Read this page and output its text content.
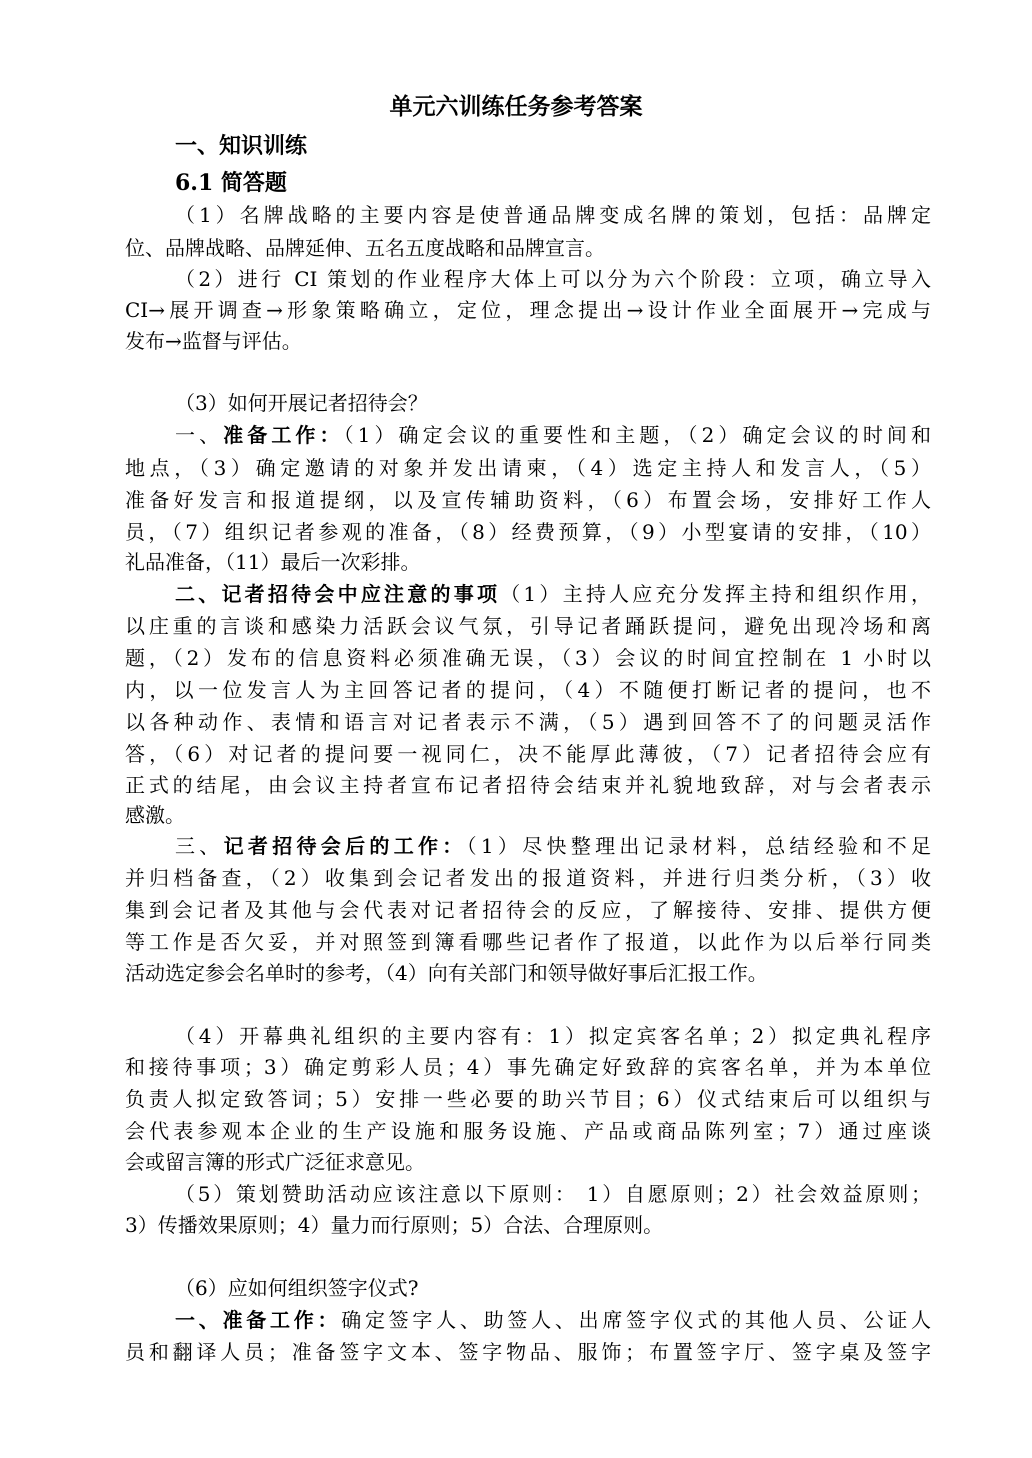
单元六训练任务参考答案
一、知识训练
6.1 简答题
（1）名牌战略的主要内容是使普通品牌变成名牌的策划，包括：品牌定
位、品牌战略、品牌延伸、五名五度战略和品牌宣言。
（2）进行 CI 策划的作业程序大体上可以分为六个阶段：立项，确立导入
CI→展开调查→形象策略确立，定位，理念提出→设计作业全面展开→完成与
发布→监督与评估。
（3）如何开展记者招待会？
一、准备工作：（1）确定会议的重要性和主题，（2）确定会议的时间和
地点，（3）确定邀请的对象并发出请柬，（4）选定主持人和发言人，（5）
准备好发言和报道提纲，以及宣传辅助资料，（6）布置会场，安排好工作人
员，（7）组织记者参观的准备，（8）经费预算，（9）小型宴请的安排，（10）
礼品准备，（11）最后一次彩排。
二、记者招待会中应注意的事项（1）主持人应充分发挥主持和组织作用，
以庄重的言谈和感染力活跃会议气氛，引导记者踊跃提问，避免出现冷场和离
题，（2）发布的信息资料必须准确无误，（3）会议的时间宜控制在 1 小时以
内，以一位发言人为主回答记者的提问，（4）不随便打断记者的提问，也不
以各种动作、表情和语言对记者表示不满，（5）遇到回答不了的问题灵活作
答，（6）对记者的提问要一视同仁，决不能厚此薄彼，（7）记者招待会应有
正式的结尾，由会议主持者宣布记者招待会结束并礼貌地致辞，对与会者表示
感激。
三、记者招待会后的工作：（1）尽快整理出记录材料，总结经验和不足
并归档备查，（2）收集到会记者发出的报道资料，并进行归类分析，（3）收
集到会记者及其他与会代表对记者招待会的反应，了解接待、安排、提供方便
等工作是否欠妥，并对照签到簿看哪些记者作了报道，以此作为以后举行同类
活动选定参会名单时的参考，（4）向有关部门和领导做好事后汇报工作。
（4）开幕典礼组织的主要内容有：1）拟定宾客名单；2）拟定典礼程序
和接待事项；3）确定剪彩人员；4）事先确定好致辞的宾客名单，并为本单位
负责人拟定致答词；5）安排一些必要的助兴节目；6）仪式结束后可以组织与
会代表参观本企业的生产设施和服务设施、产品或商品陈列室；7）通过座谈
会或留言簿的形式广泛征求意见。
（5）策划赞助活动应该注意以下原则： 1）自愿原则；2）社会效益原则；
3）传播效果原则；4）量力而行原则；5）合法、合理原则。
（6）应如何组织签字仪式?
一、准备工作：确定签字人、助签人、出席签字仪式的其他人员、公证人
员和翻译人员；准备签字文本、签字物品、服饰；布置签字厅、签字桌及签字
